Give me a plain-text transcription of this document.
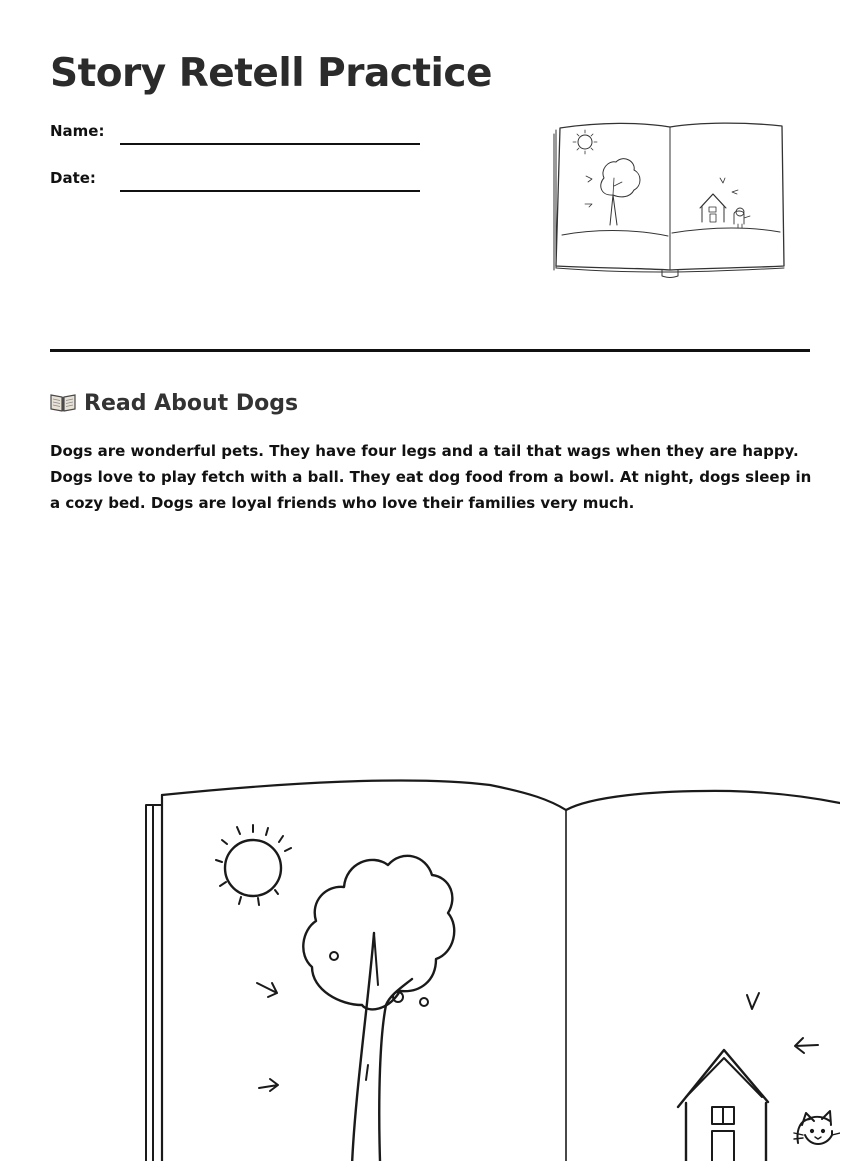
Story Retell Practice
Name:
Date:
Read About Dogs

Dogs are wonderful pets. They have four legs and a tail that wags when they are happy. Dogs love to play fetch with a ball. They eat dog food from a bowl. At night, dogs sleep in a cozy bed. Dogs are loyal friends who love their families very much.
